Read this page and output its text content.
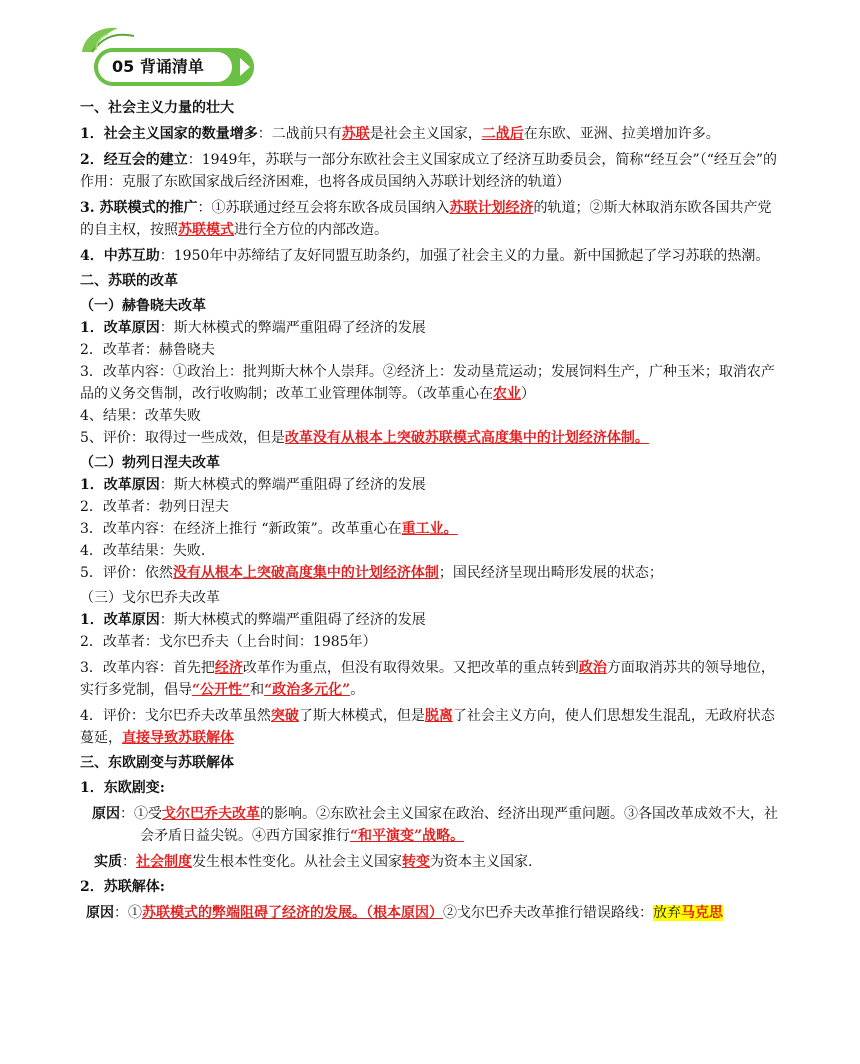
05 背诵清单

一、社会主义力量的壮大

1．社会主义国家的数量增多：二战前只有苏联是社会主义国家，二战后在东欧、亚洲、拉美增加许多。

2．经互会的建立：1949年，苏联与一部分东欧社会主义国家成立了经济互助委员会，简称“经互会”（“经互会”的作用：克服了东欧国家战后经济困难，也将各成员国纳入苏联计划经济的轨道）

3. 苏联模式的推广：①苏联通过经互会将东欧各成员国纳入苏联计划经济的轨道；②斯大林取消东欧各国共产党的自主权，按照苏联模式进行全方位的内部改造。

4．中苏互助：1950年中苏缔结了友好同盟互助条约，加强了社会主义的力量。新中国掀起了学习苏联的热潮。

二、苏联的改革

（一）赫鲁晓夫改革

1．改革原因：斯大林模式的弊端严重阻碍了经济的发展

2．改革者：赫鲁晓夫

3．改革内容：①政治上：批判斯大林个人崇拜。②经济上：发动垦荒运动；发展饲料生产，广种玉米；取消农产品的义务交售制，改行收购制；改革工业管理体制等。（改革重心在农业）

4、结果：改革失败

5、评价：取得过一些成效，但是改革没有从根本上突破苏联模式高度集中的计划经济体制。

（二）勃列日涅夫改革

1．改革原因：斯大林模式的弊端严重阻碍了经济的发展

2．改革者：勃列日涅夫

3．改革内容：在经济上推行 “新政策”。改革重心在重工业。

4．改革结果：失败.

5．评价：依然没有从根本上突破高度集中的计划经济体制；国民经济呈现出畸形发展的状态；

（三）戈尔巴乔夫改革

1．改革原因：斯大林模式的弊端严重阻碍了经济的发展

2．改革者：戈尔巴乔夫（上台时间：1985年）

3．改革内容：首先把经济改革作为重点，但没有取得效果。又把改革的重点转到政治方面取消苏共的领导地位，实行多党制，倡导“公开性”和“政治多元化”。

4．评价：戈尔巴乔夫改革虽然突破了斯大林模式，但是脱离了社会主义方向，使人们思想发生混乱，无政府状态蔓延，直接导致苏联解体

三、东欧剧变与苏联解体

1．东欧剧变:

原因：①受戈尔巴乔夫改革的影响。②东欧社会主义国家在政治、经济出现严重问题。③各国改革成效不大，社会矛盾日益尖锐。④西方国家推行“和平演变”战略。

实质：社会制度发生根本性变化。从社会主义国家转变为资本主义国家.

2．苏联解体:

原因：①苏联模式的弊端阻碍了经济的发展。（根本原因）②戈尔巴乔夫改革推行错误路线：放弃马克思
